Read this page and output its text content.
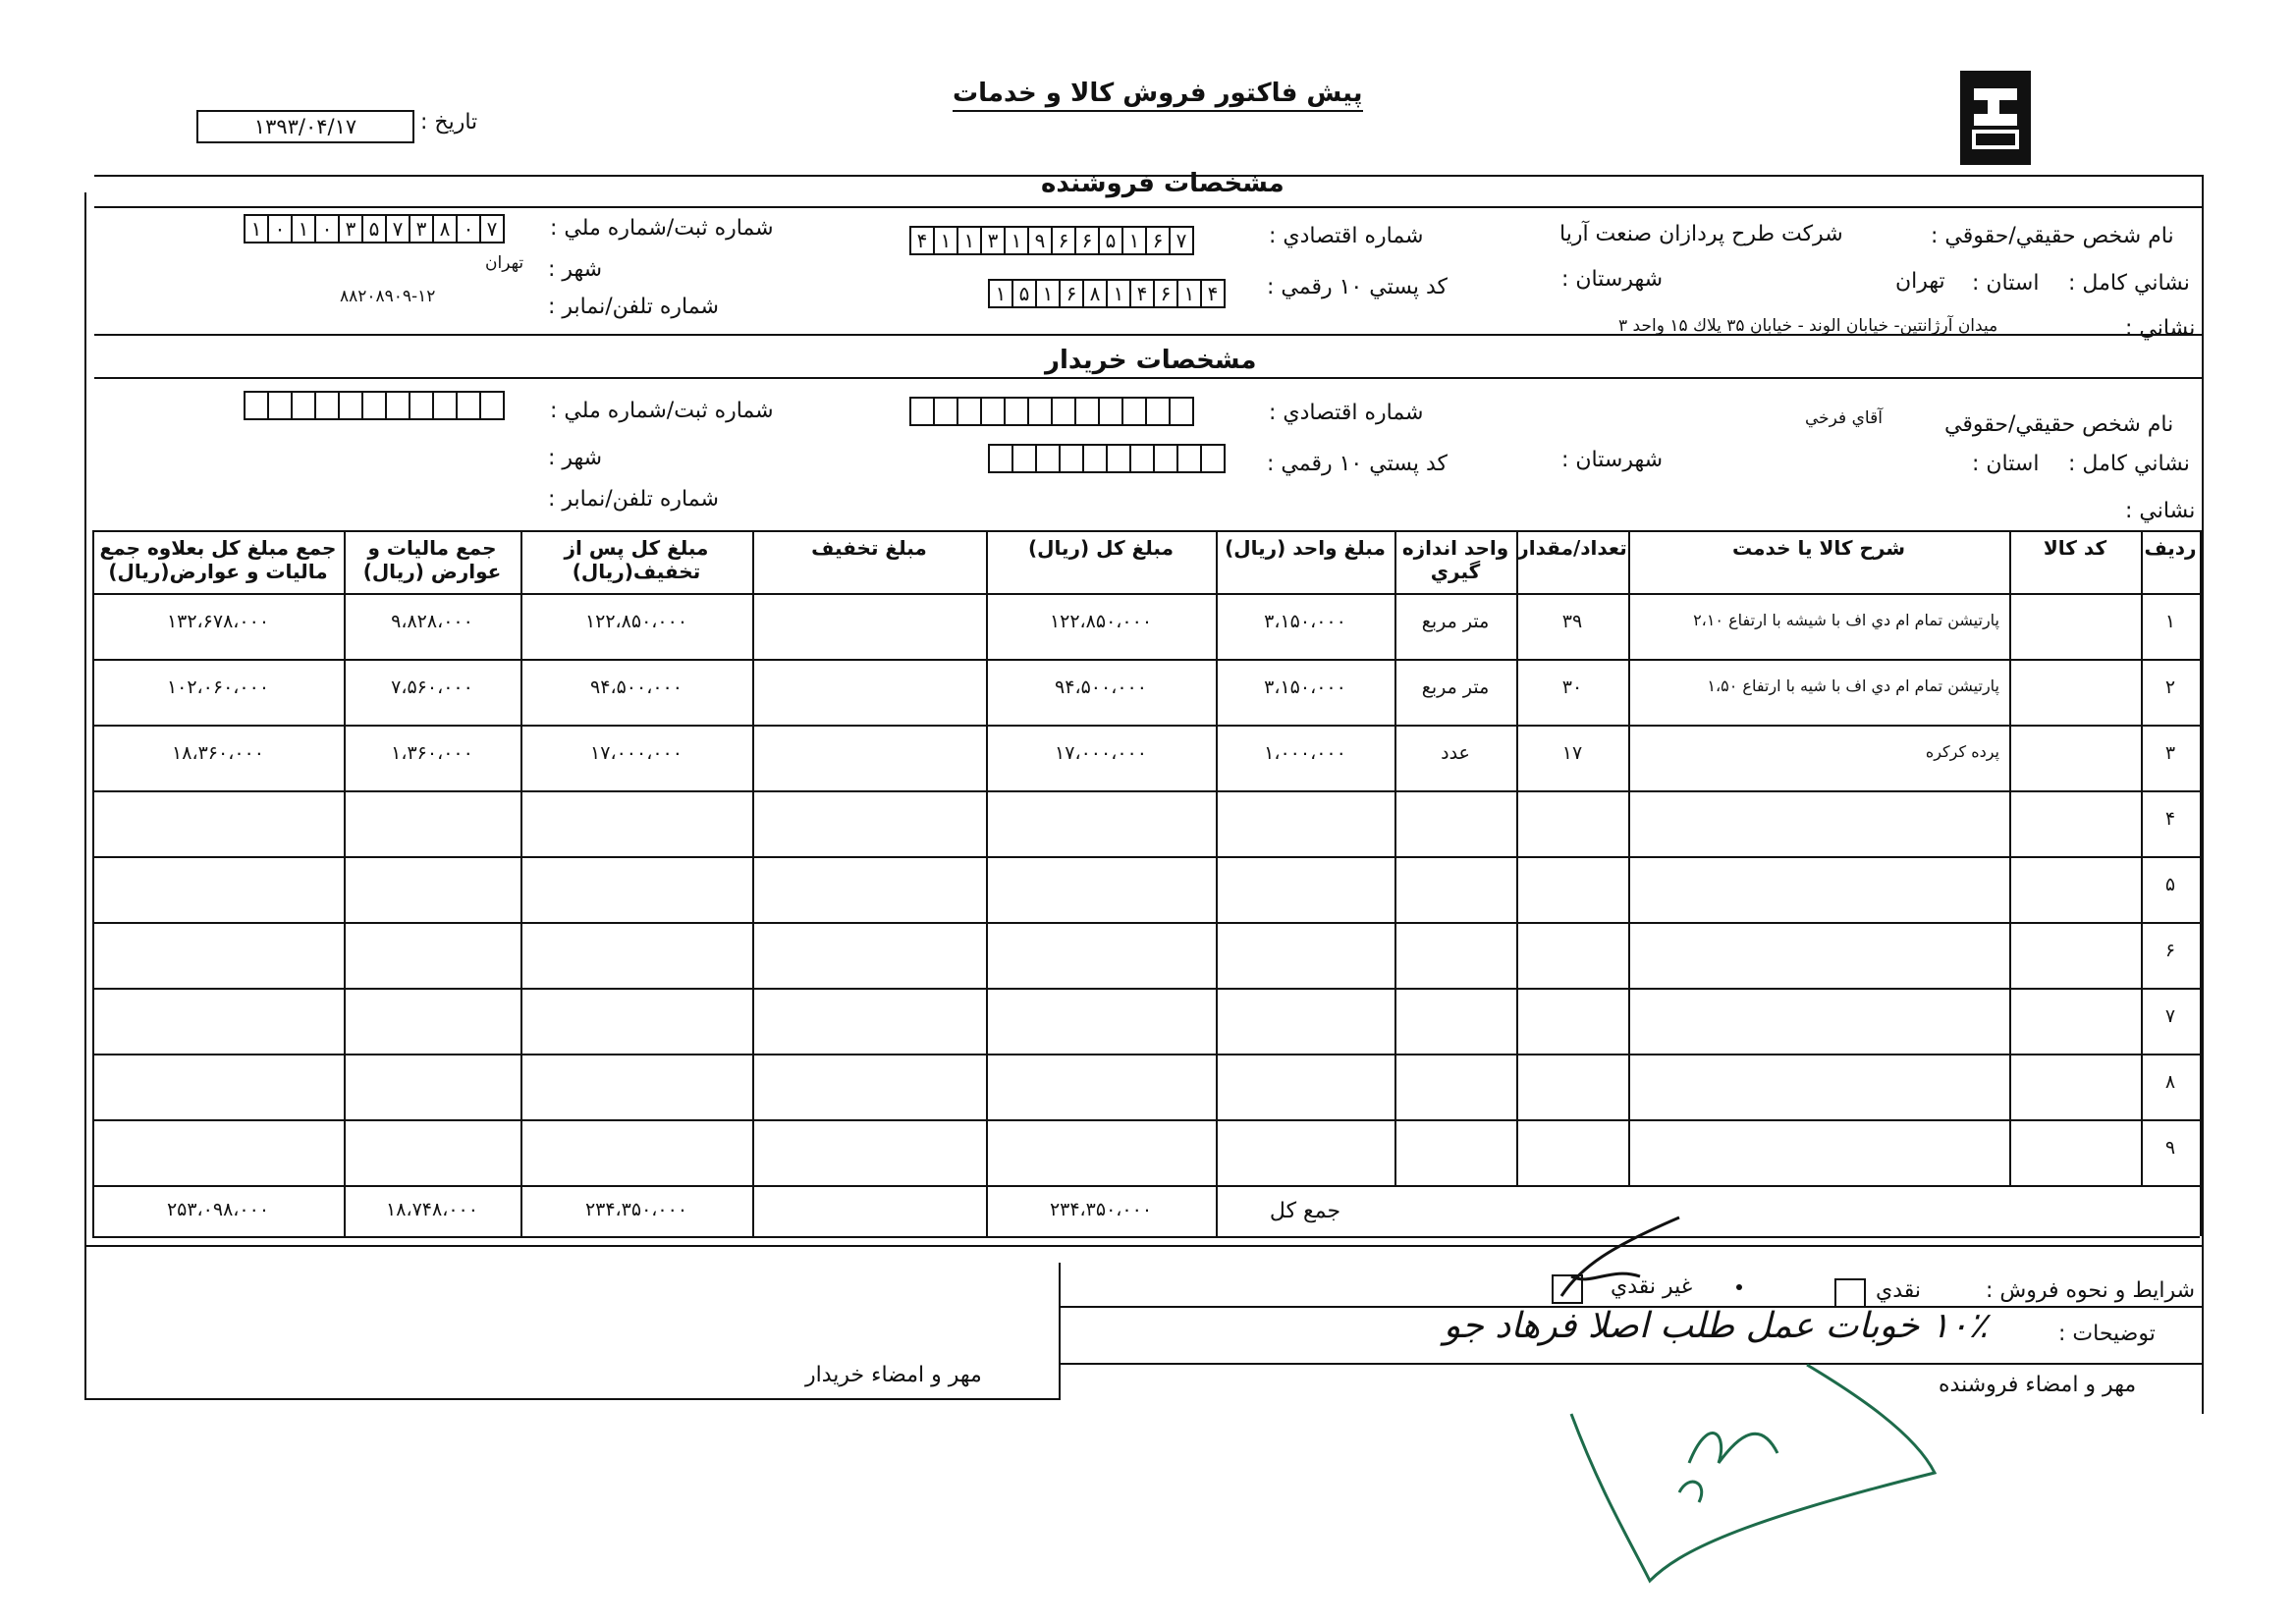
پيش فاكتور فروش كالا و خدمات
تاريخ :
۱۳۹۳/۰۴/۱۷
مشخصات فروشنده
نام شخص حقيقي/حقوقي :
شركت طرح پردازان صنعت آريا
شماره اقتصادي :
۴ ۱ ۱ ۳ ۱ ۹ ۶ ۶ ۵ ۱ ۶ ۷
شماره ثبت/شماره ملي :
۱ ۰ ۱ ۰ ۳ ۵ ۷ ۳ ۸ ۰ ۷
نشاني كامل :
استان :
تهران
شهرستان :
كد پستي ۱۰ رقمي :
۱ ۵ ۱ ۶ ۸ ۱ ۴ ۶ ۱ ۴
شهر :
تهران
نشاني :
ميدان آرژانتين- خيابان الوند - خيابان ۳۵ پلاك ۱۵ واحد ۳
شماره تلفن/نمابر :
۸۸۲۰۸۹۰۹-۱۲
مشخصات خريدار
نام شخص حقيقي/حقوقي
آقاي فرخي
شماره اقتصادي :
شماره ثبت/شماره ملي :
نشاني كامل :
استان :
شهرستان :
كد پستي ۱۰ رقمي :
شهر :
نشاني :
شماره تلفن/نمابر :
رديف
كد كالا
شرح كالا يا خدمت
تعداد/مقدار
واحد اندازه گيري
مبلغ واحد (ريال)
مبلغ كل (ريال)
مبلغ تخفيف
مبلغ كل پس از تخفيف(ريال)
جمع ماليات و عوارض (ريال)
جمع مبلغ كل بعلاوه جمع ماليات و عوارض(ريال)
۱
پارتيشن تمام ام دي اف با شيشه با ارتفاع ۲،۱۰
۳۹
متر مربع
۳،۱۵۰،۰۰۰
۱۲۲،۸۵۰،۰۰۰
۱۲۲،۸۵۰،۰۰۰
۹،۸۲۸،۰۰۰
۱۳۲،۶۷۸،۰۰۰
۲
پارتيشن تمام ام دي اف با شيه با ارتفاع ۱،۵۰
۳۰
متر مربع
۳،۱۵۰،۰۰۰
۹۴،۵۰۰،۰۰۰
۹۴،۵۰۰،۰۰۰
۷،۵۶۰،۰۰۰
۱۰۲،۰۶۰،۰۰۰
۳
پرده كركره
۱۷
عدد
۱،۰۰۰،۰۰۰
۱۷،۰۰۰،۰۰۰
۱۷،۰۰۰،۰۰۰
۱،۳۶۰،۰۰۰
۱۸،۳۶۰،۰۰۰
۴
۵
۶
۷
۸
۹
جمع كل
۲۳۴،۳۵۰،۰۰۰
۲۳۴،۳۵۰،۰۰۰
۱۸،۷۴۸،۰۰۰
۲۵۳،۰۹۸،۰۰۰
شرايط و نحوه فروش :
نقدي
غير نقدي
توضيحات :
۱۰٪ خوبات عمل طلب اصلا فرهاد جو
مهر و امضاء فروشنده
مهر و امضاء خريدار
